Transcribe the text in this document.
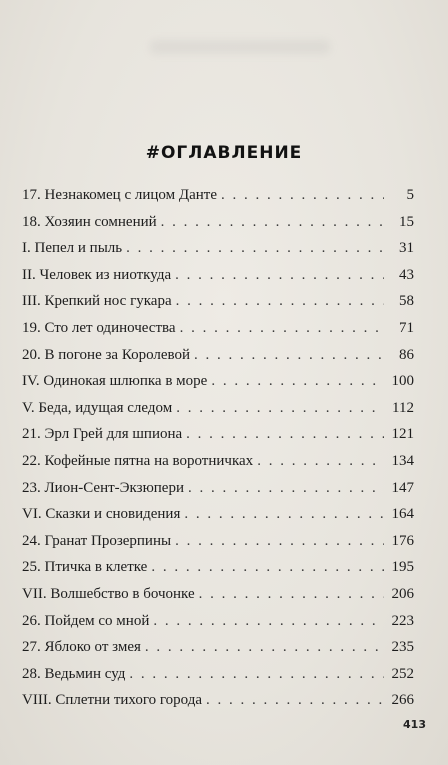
#ОГЛАВЛЕНИЕ
17. Незнакомец с лицом Данте . . .	5
18. Хозяин сомнений . . .	15
I. Пепел и пыль . . .	31
II. Человек из ниоткуда . . .	43
III. Крепкий нос гукара . . .	58
19. Сто лет одиночества . . .	71
20. В погоне за Королевой . . .	86
IV. Одинокая шлюпка в море . . .	100
V. Беда, идущая следом . . .	112
21. Эрл Грей для шпиона . . .	121
22. Кофейные пятна на воротничках . . .	134
23. Лион-Сент-Экзюпери . . .	147
VI. Сказки и сновидения . . .	164
24. Гранат Прозерпины . . .	176
25. Птичка в клетке . . .	195
VII. Волшебство в бочонке . . .	206
26. Пойдем со мной . . .	223
27. Яблоко от змея . . .	235
28. Ведьмин суд . . .	252
VIII. Сплетни тихого города . . .	266
413
